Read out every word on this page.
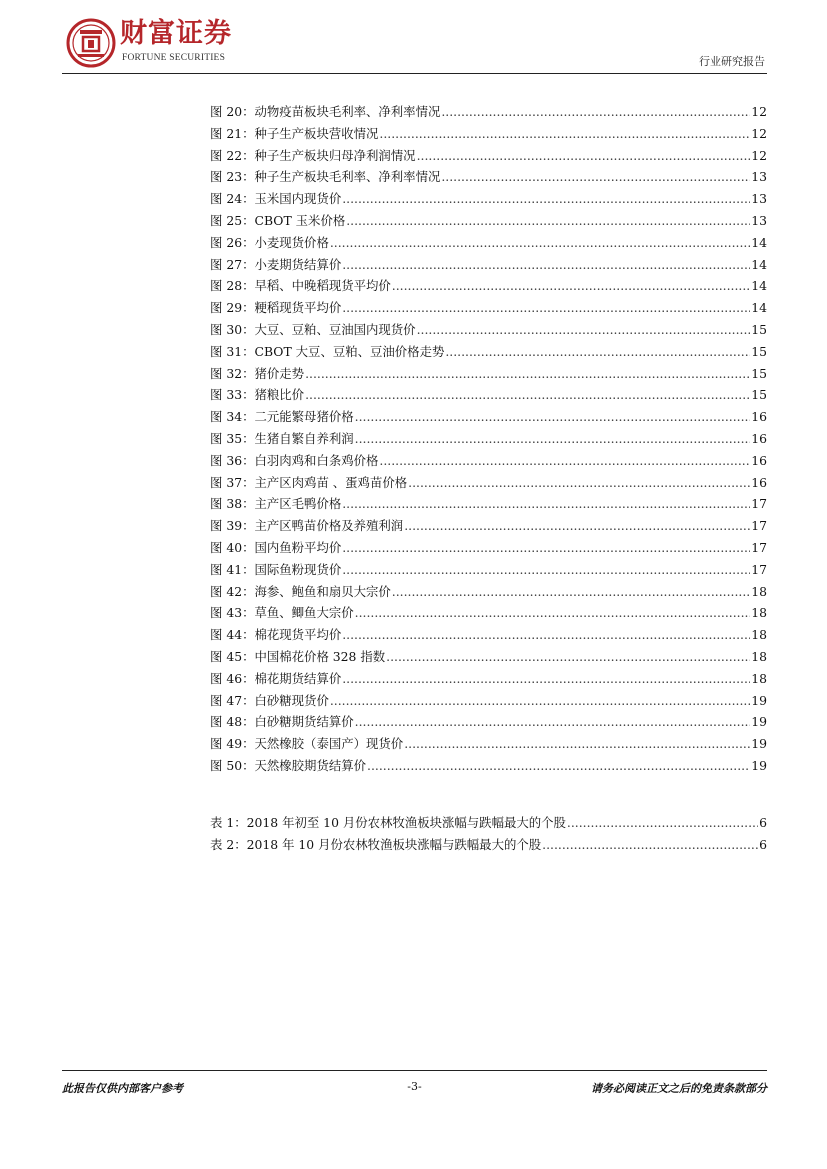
财富证券
FORTUNE SECURITIES	行业研究报告
图 20：动物疫苗板块毛利率、净利率情况 .....	12
图 21：种子生产板块营收情况 .....	12
图 22：种子生产板块归母净利润情况 .....	12
图 23：种子生产板块毛利率、净利率情况 .....	13
图 24：玉米国内现货价 .....	13
图 25：CBOT 玉米价格 .....	13
图 26：小麦现货价格 .....	14
图 27：小麦期货结算价 .....	14
图 28：早稻、中晚稻现货平均价 .....	14
图 29：粳稻现货平均价 .....	14
图 30：大豆、豆粕、豆油国内现货价 .....	15
图 31：CBOT 大豆、豆粕、豆油价格走势 .....	15
图 32：猪价走势 .....	15
图 33：猪粮比价 .....	15
图 34：二元能繁母猪价格 .....	16
图 35：生猪自繁自养利润 .....	16
图 36：白羽肉鸡和白条鸡价格 .....	16
图 37：主产区肉鸡苗 、蛋鸡苗价格 .....	16
图 38：主产区毛鸭价格 .....	17
图 39：主产区鸭苗价格及养殖利润 .....	17
图 40：国内鱼粉平均价 .....	17
图 41：国际鱼粉现货价 .....	17
图 42：海参、鲍鱼和扇贝大宗价 .....	18
图 43：草鱼、鲫鱼大宗价 .....	18
图 44：棉花现货平均价 .....	18
图 45：中国棉花价格 328 指数 .....	18
图 46：棉花期货结算价 .....	18
图 47：白砂糖现货价 .....	19
图 48：白砂糖期货结算价 .....	19
图 49：天然橡胶（泰国产）现货价 .....	19
图 50：天然橡胶期货结算价 .....	19
表 1：2018 年初至 10 月份农林牧渔板块涨幅与跌幅最大的个股 .....	6
表 2：2018 年 10 月份农林牧渔板块涨幅与跌幅最大的个股 .....	6
此报告仅供内部客户参考	-3-	请务必阅读正文之后的免责条款部分
